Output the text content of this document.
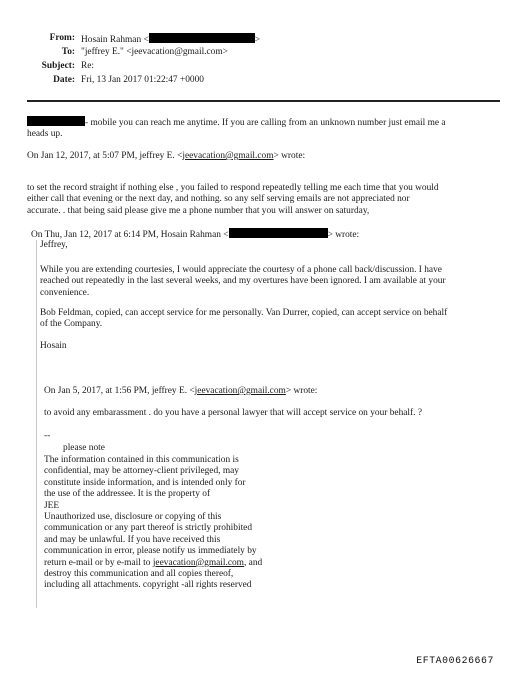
From: Hosain Rahman <	>
To: "jeffrey E." <jeevacation@gmail.com>
Subject: Re:
Date: Fri, 13 Jan 2017 01:22:47 +0000
- mobile you can reach me anytime. If you are calling from an unknown number just email me a
heads up.
On Jan 12, 2017, at 5:07 PM, jeffrey E. <jeevacation@gmail.com> wrote:
to set the record straight if nothing else , you failed to respond repeatedly telling me each time that you would
either call that evening or the next day, and nothing. so any self serving emails are not appreciated nor
accurate. . that being said please give me a phone number that you will answer on saturday,
On Thu, Jan 12, 2017 at 6:14 PM, Hosain Rahman <	> wrote:
Jeffrey,
While you are extending courtesies, I would appreciate the courtesy of a phone call back/discussion. I have
reached out repeatedly in the last several weeks, and my overtures have been ignored. I am available at your
convenience.
Bob Feldman, copied, can accept service for me personally. Van Durrer, copied, can accept service on behalf
of the Company.
Hosain
On Jan 5, 2017, at 1:56 PM, jeffrey E. <jeevacation@gmail.com> wrote:
to avoid any embarassment . do you have a personal lawyer that will accept service on your behalf. ?
--
please note
The information contained in this communication is
confidential, may be attorney-client privileged, may
constitute inside information, and is intended only for
the use of the addressee. It is the property of
JEE
Unauthorized use, disclosure or copying of this
communication or any part thereof is strictly prohibited
and may be unlawful. If you have received this
communication in error, please notify us immediately by
return e-mail or by e-mail to jeevacation@gmail.com, and
destroy this communication and all copies thereof,
including all attachments. copyright -all rights reserved
EFTA00626667
